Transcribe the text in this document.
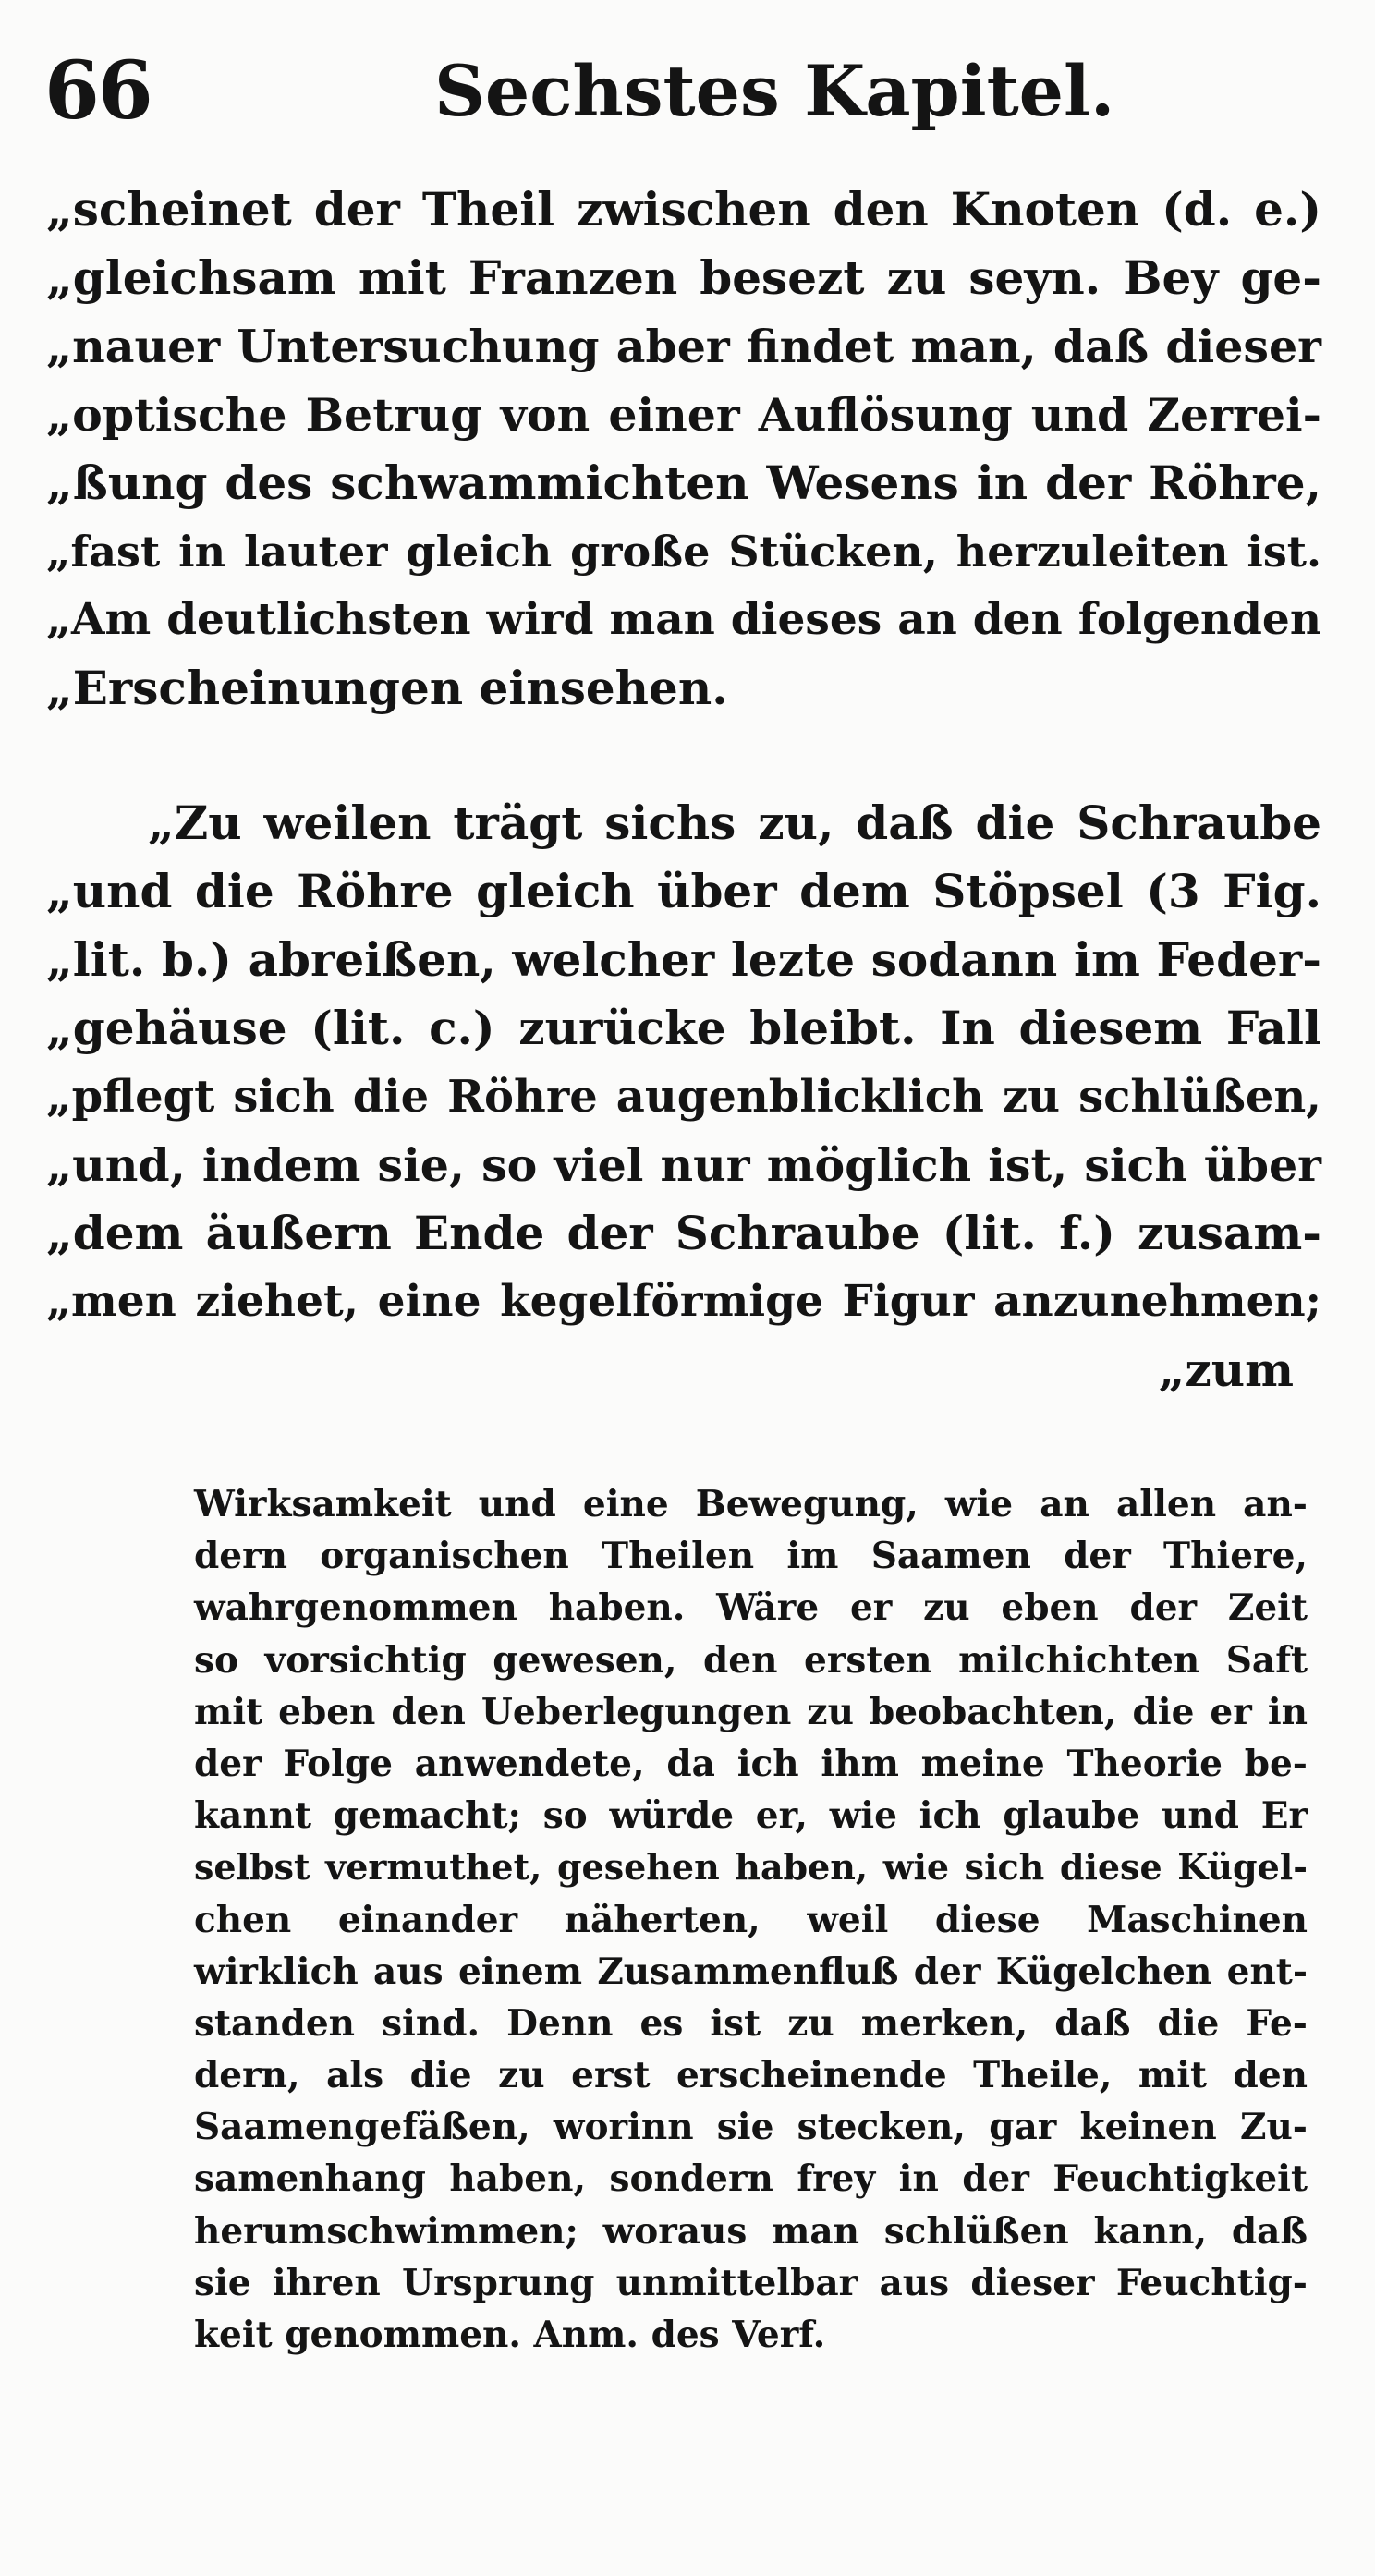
66	Sechstes Kapitel.
„scheinet der Theil zwischen den Knoten (d. e.)
„gleichsam mit Franzen besezt zu seyn. Bey ge-
„nauer Untersuchung aber findet man, daß dieser
„optische Betrug von einer Auflösung und Zerrei-
„ßung des schwammichten Wesens in der Röhre,
„fast in lauter gleich große Stücken, herzuleiten ist.
„Am deutlichsten wird man dieses an den folgenden
„Erscheinungen einsehen.
„Zu weilen trägt sichs zu, daß die Schraube
„und die Röhre gleich über dem Stöpsel (3 Fig.
„lit. b.) abreißen, welcher lezte sodann im Feder-
„gehäuse (lit. c.) zurücke bleibt. In diesem Fall
„pflegt sich die Röhre augenblicklich zu schlüßen,
„und, indem sie, so viel nur möglich ist, sich über
„dem äußern Ende der Schraube (lit. f.) zusam-
„men ziehet, eine kegelförmige Figur anzunehmen;
„zum
Wirksamkeit und eine Bewegung, wie an allen an-
dern organischen Theilen im Saamen der Thiere,
wahrgenommen haben. Wäre er zu eben der Zeit
so vorsichtig gewesen, den ersten milchichten Saft
mit eben den Ueberlegungen zu beobachten, die er in
der Folge anwendete, da ich ihm meine Theorie be-
kannt gemacht; so würde er, wie ich glaube und Er
selbst vermuthet, gesehen haben, wie sich diese Kügel-
chen einander näherten, weil diese Maschinen
wirklich aus einem Zusammenfluß der Kügelchen ent-
standen sind. Denn es ist zu merken, daß die Fe-
dern, als die zu erst erscheinende Theile, mit den
Saamengefäßen, worinn sie stecken, gar keinen Zu-
samenhang haben, sondern frey in der Feuchtigkeit
herumschwimmen; woraus man schlüßen kann, daß
sie ihren Ursprung unmittelbar aus dieser Feuchtig-
keit genommen. Anm. des Verf.
